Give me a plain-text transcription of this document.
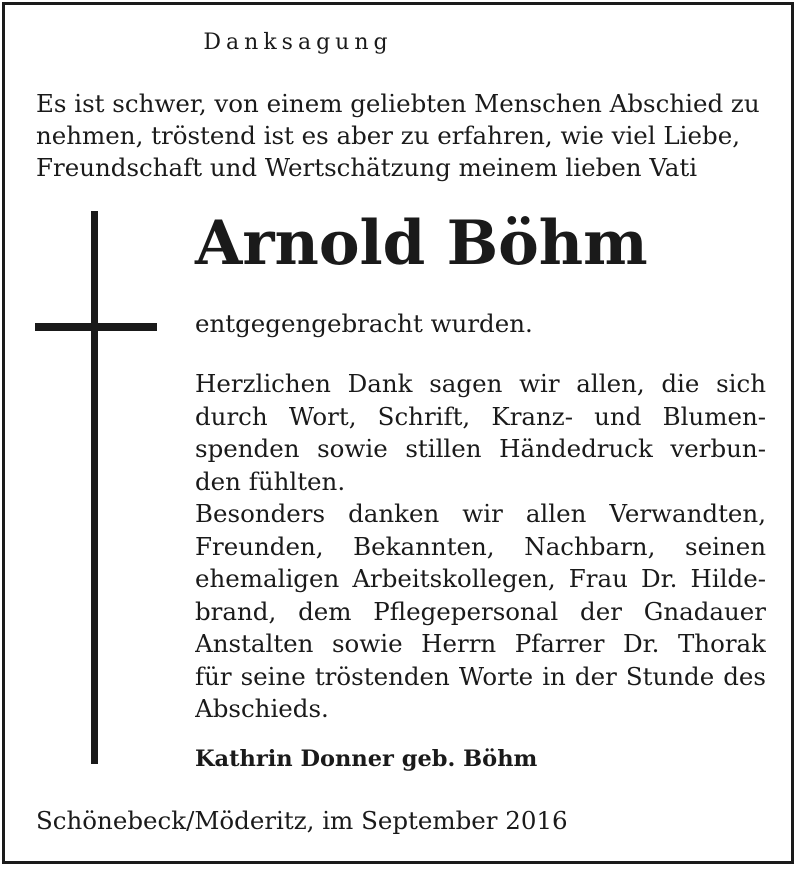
Danksagung
Es ist schwer, von einem geliebten Menschen Abschied zu
nehmen, tröstend ist es aber zu erfahren, wie viel Liebe,
Freundschaft und Wertschätzung meinem lieben Vati
Arnold Böhm
entgegengebracht wurden.
Herzlichen Dank sagen wir allen, die sich
durch Wort, Schrift, Kranz- und Blumen-
spenden sowie stillen Händedruck verbun-
den fühlten.
Besonders danken wir allen Verwandten,
Freunden, Bekannten, Nachbarn, seinen
ehemaligen Arbeitskollegen, Frau Dr. Hilde-
brand, dem Pflegepersonal der Gnadauer
Anstalten sowie Herrn Pfarrer Dr. Thorak
für seine tröstenden Worte in der Stunde des
Abschieds.
Kathrin Donner geb. Böhm
Schönebeck/Möderitz, im September 2016
